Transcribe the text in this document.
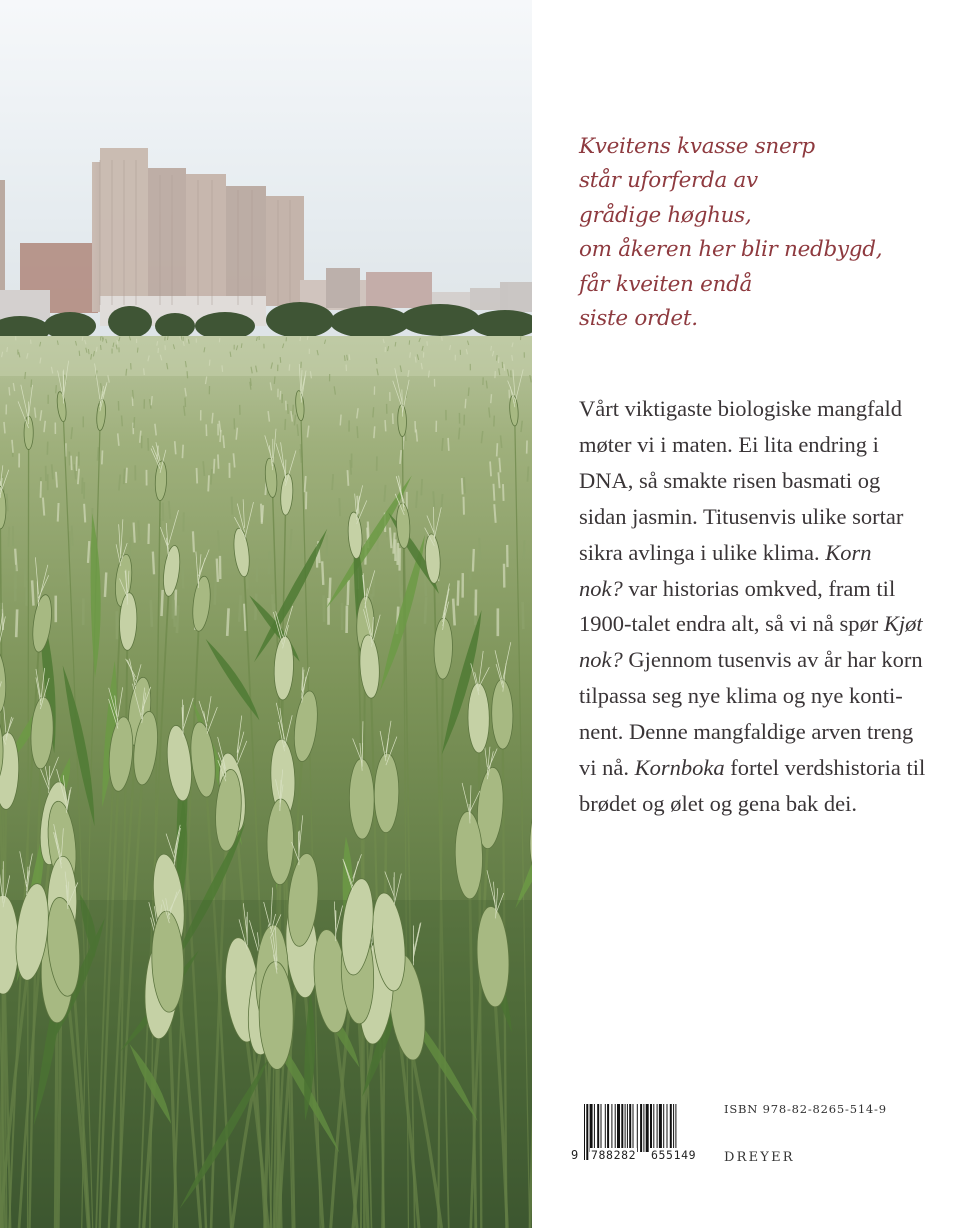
Kveitens kvasse snerp
står uforferda av
grådige høghus,
om åkeren her blir nedbygd,
får kveiten endå
siste ordet.
Vårt viktigaste biologiske mangfald
møter vi i maten. Ei lita endring i
DNA, så smakte risen basmati og
sidan jasmin. Titusenvis ulike sortar
sikra avlinga i ulike klima. Korn
nok? var historias omkved, fram til
1900-talet endra alt, så vi nå spør Kjøt
nok? Gjennom tusenvis av år har korn
tilpassa seg nye klima og nye konti-
nent. Denne mangfaldige arven treng
vi nå. Kornboka fortel verdshistoria til
brødet og ølet og gena bak dei.
9 788282 655149
ISBN 978-82-8265-514-9
DREYER
